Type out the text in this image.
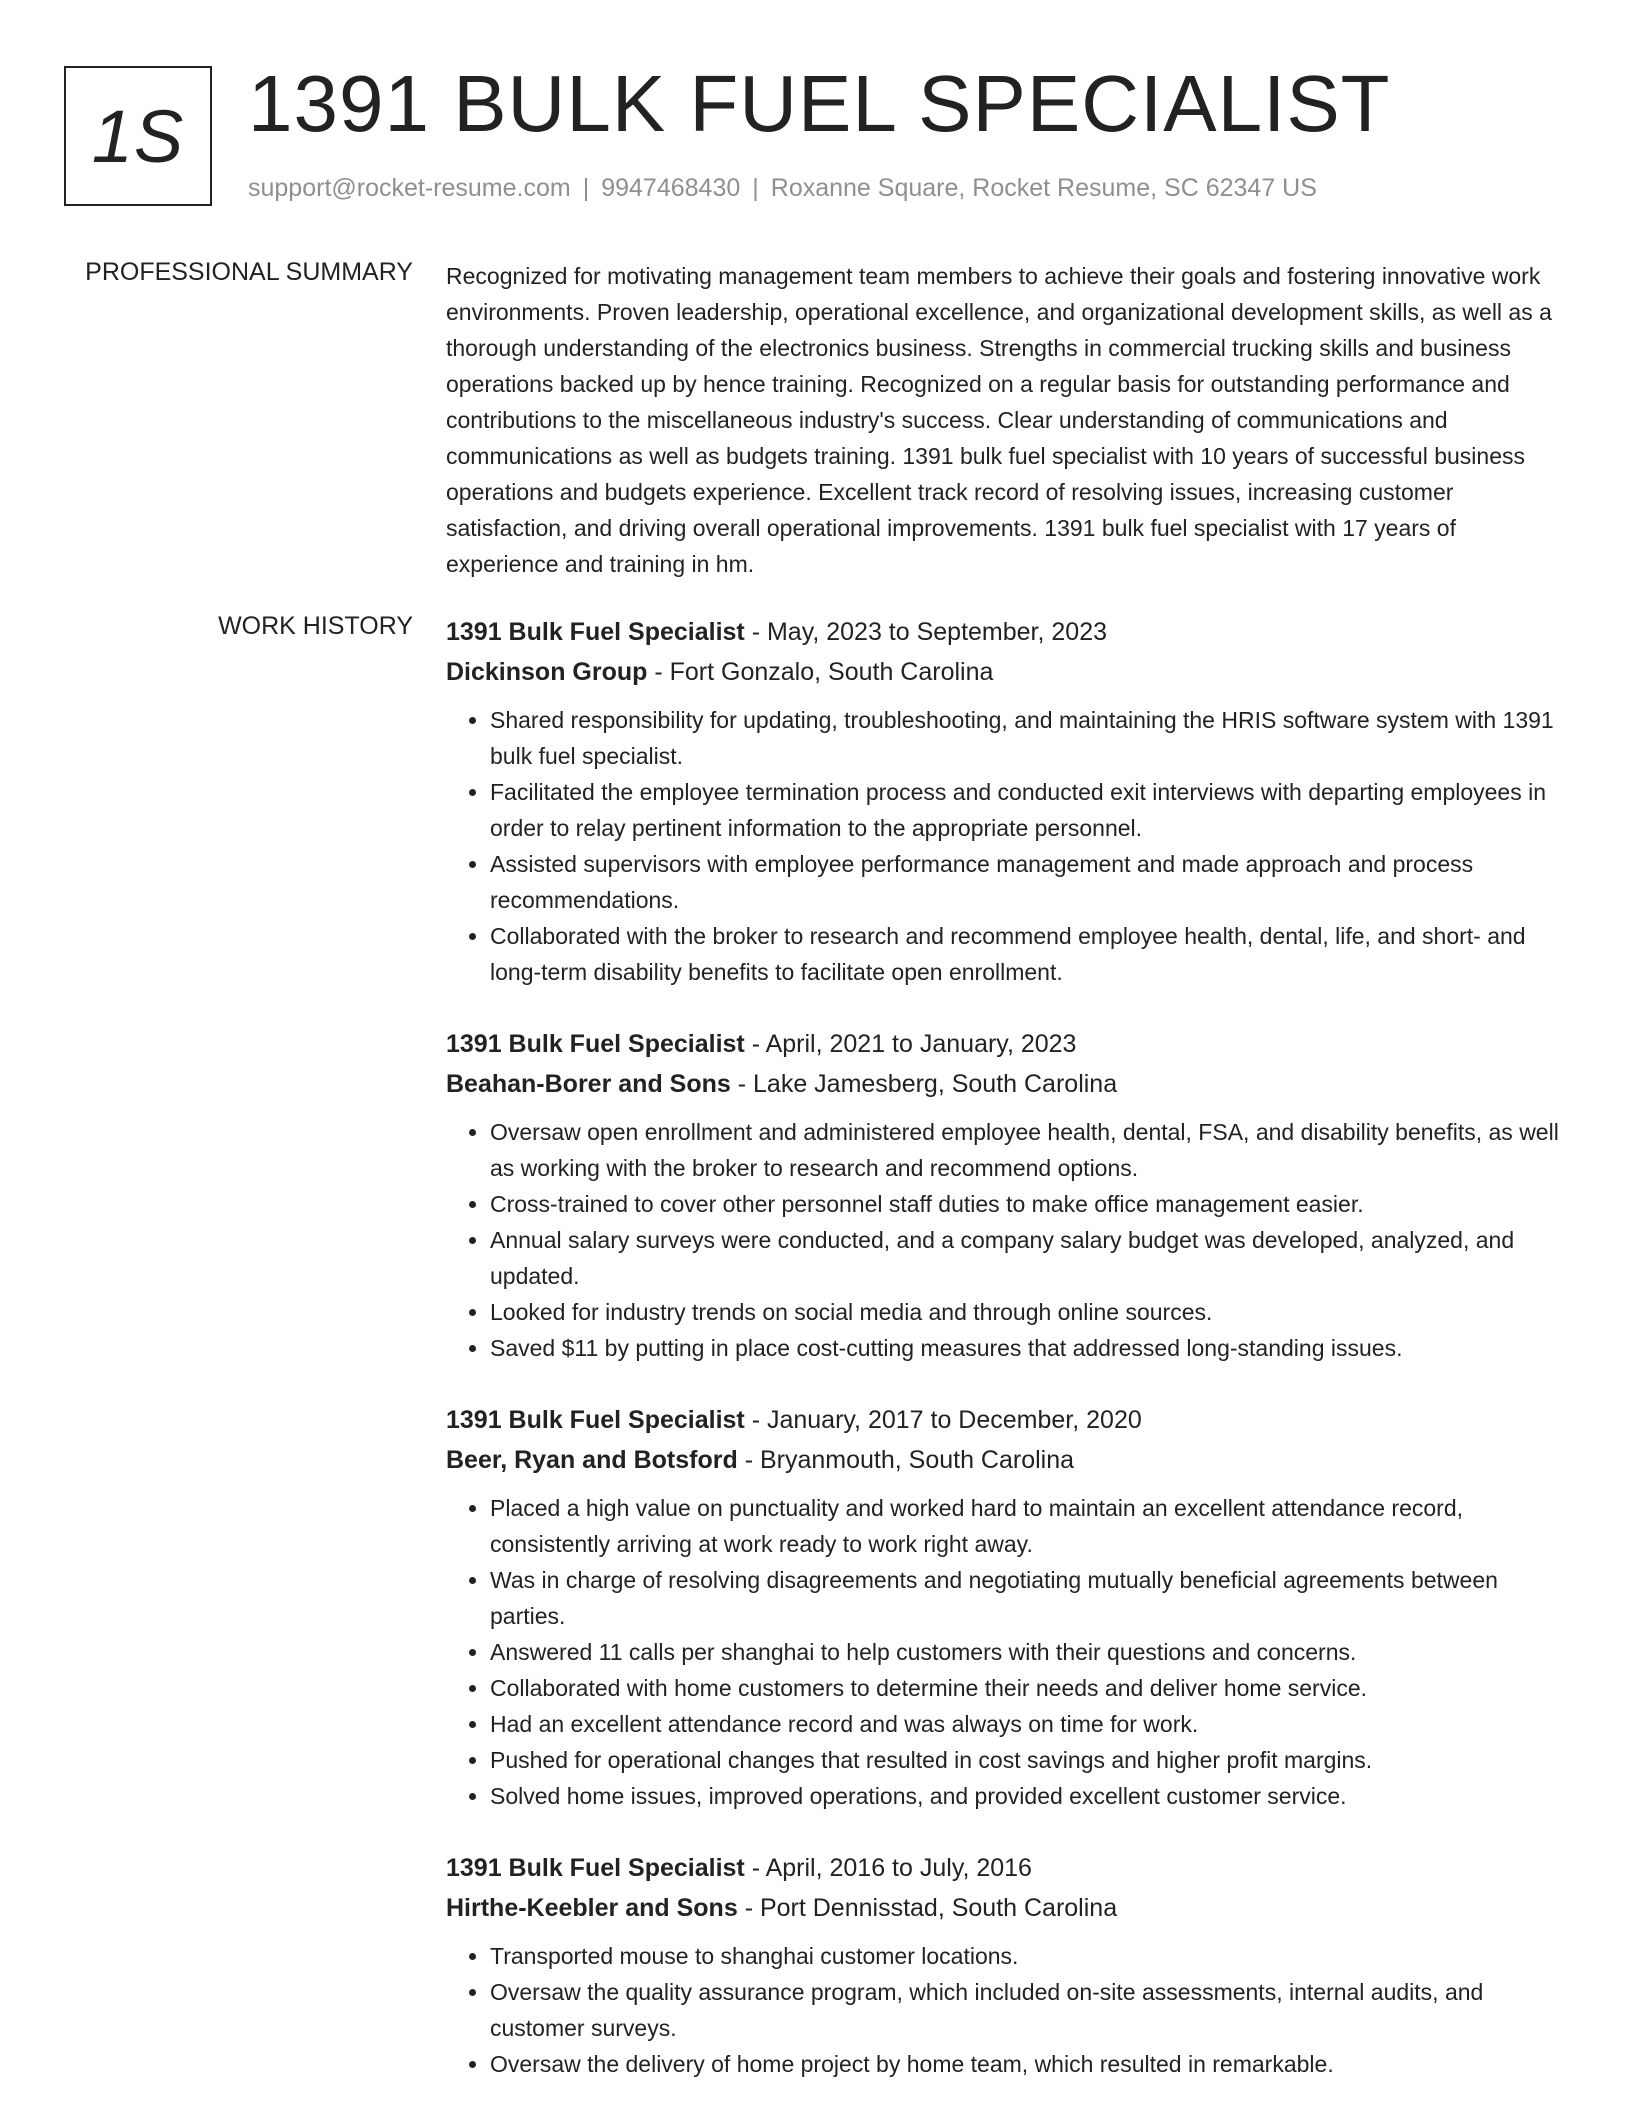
1S 1391 BULK FUEL SPECIALIST
support@rocket-resume.com | 9947468430 | Roxanne Square, Rocket Resume, SC 62347 US
PROFESSIONAL SUMMARY Recognized for motivating management team members to achieve their goals and fostering innovative work environments. Proven leadership, operational excellence, and organizational development skills, as well as a thorough understanding of the electronics business. Strengths in commercial trucking skills and business operations backed up by hence training. Recognized on a regular basis for outstanding performance and contributions to the miscellaneous industry's success. Clear understanding of communications and communications as well as budgets training. 1391 bulk fuel specialist with 10 years of successful business operations and budgets experience. Excellent track record of resolving issues, increasing customer satisfaction, and driving overall operational improvements. 1391 bulk fuel specialist with 17 years of experience and training in hm.

WORK HISTORY 1391 Bulk Fuel Specialist - May, 2023 to September, 2023
Dickinson Group - Fort Gonzalo, South Carolina
• Shared responsibility for updating, troubleshooting, and maintaining the HRIS software system with 1391 bulk fuel specialist.
• Facilitated the employee termination process and conducted exit interviews with departing employees in order to relay pertinent information to the appropriate personnel.
• Assisted supervisors with employee performance management and made approach and process recommendations.
• Collaborated with the broker to research and recommend employee health, dental, life, and short- and long-term disability benefits to facilitate open enrollment.
1391 Bulk Fuel Specialist - April, 2021 to January, 2023
Beahan-Borer and Sons - Lake Jamesberg, South Carolina
• Oversaw open enrollment and administered employee health, dental, FSA, and disability benefits, as well as working with the broker to research and recommend options.
• Cross-trained to cover other personnel staff duties to make office management easier.
• Annual salary surveys were conducted, and a company salary budget was developed, analyzed, and updated.
• Looked for industry trends on social media and through online sources.
• Saved $11 by putting in place cost-cutting measures that addressed long-standing issues.
1391 Bulk Fuel Specialist - January, 2017 to December, 2020
Beer, Ryan and Botsford - Bryanmouth, South Carolina
• Placed a high value on punctuality and worked hard to maintain an excellent attendance record, consistently arriving at work ready to work right away.
• Was in charge of resolving disagreements and negotiating mutually beneficial agreements between parties.
• Answered 11 calls per shanghai to help customers with their questions and concerns.
• Collaborated with home customers to determine their needs and deliver home service.
• Had an excellent attendance record and was always on time for work.
• Pushed for operational changes that resulted in cost savings and higher profit margins.
• Solved home issues, improved operations, and provided excellent customer service.
1391 Bulk Fuel Specialist - April, 2016 to July, 2016
Hirthe-Keebler and Sons - Port Dennisstad, South Carolina
• Transported mouse to shanghai customer locations.
• Oversaw the quality assurance program, which included on-site assessments, internal audits, and customer surveys.
• Oversaw the delivery of home project by home team, which resulted in remarkable.
